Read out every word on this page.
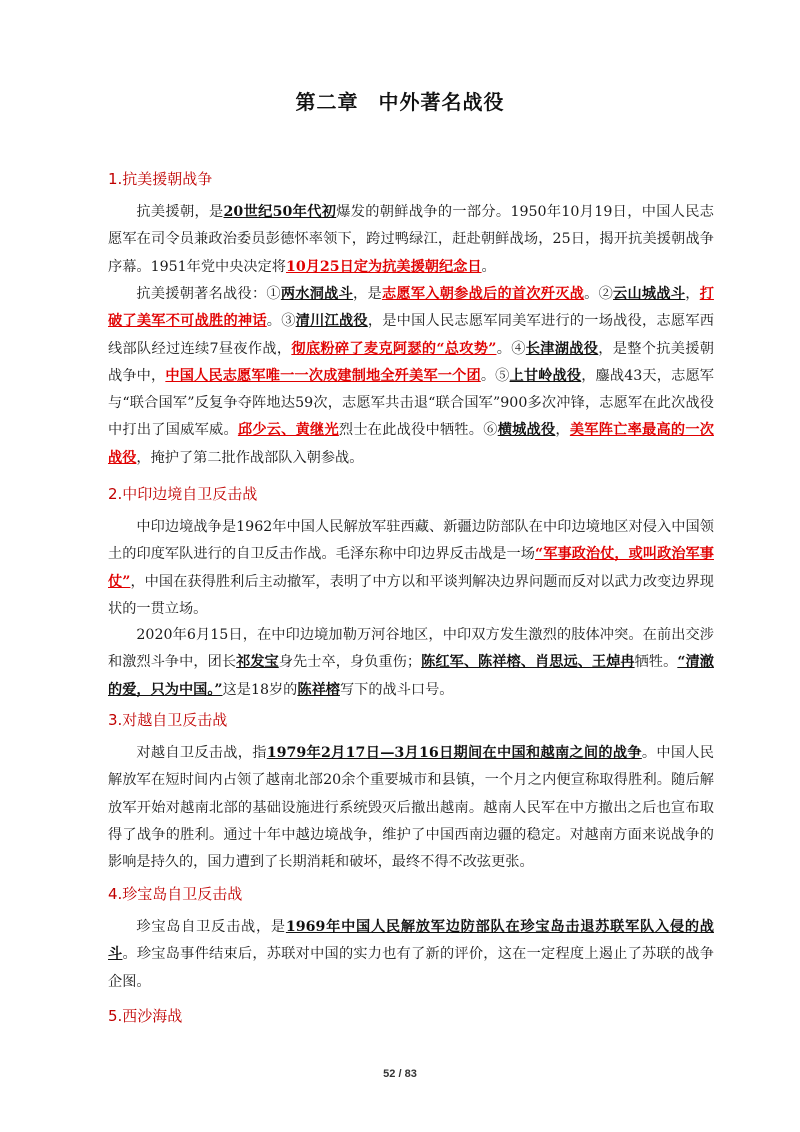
第二章 中外著名战役
1.抗美援朝战争

抗美援朝，是20世纪50年代初爆发的朝鲜战争的一部分。1950年10月19日，中国人民志愿军在司令员兼政治委员彭德怀率领下，跨过鸭绿江，赶赴朝鲜战场，25日，揭开抗美援朝战争序幕。1951年党中央决定将10月25日定为抗美援朝纪念日。

抗美援朝著名战役：①两水洞战斗，是志愿军入朝参战后的首次歼灭战。②云山城战斗，打破了美军不可战胜的神话。③清川江战役，是中国人民志愿军同美军进行的一场战役，志愿军西线部队经过连续7昼夜作战，彻底粉碎了麦克阿瑟的“总攻势”。④长津湖战役，是整个抗美援朝战争中，中国人民志愿军唯一一次成建制地全歼美军一个团。⑤上甘岭战役，鏖战43天，志愿军与“联合国军”反复争夺阵地达59次，志愿军共击退“联合国军”900多次冲锋，志愿军在此次战役中打出了国威军威。邱少云、黄继光烈士在此战役中牺牲。⑥横城战役，美军阵亡率最高的一次战役，掩护了第二批作战部队入朝参战。

2.中印边境自卫反击战

中印边境战争是1962年中国人民解放军驻西藏、新疆边防部队在中印边境地区对侵入中国领土的印度军队进行的自卫反击作战。毛泽东称中印边界反击战是一场“军事政治仗，或叫政治军事仗”，中国在获得胜利后主动撤军，表明了中方以和平谈判解决边界问题而反对以武力改变边界现状的一贯立场。

2020年6月15日，在中印边境加勒万河谷地区，中印双方发生激烈的肢体冲突。在前出交涉和激烈斗争中，团长祁发宝身先士卒，身负重伤；陈红军、陈祥榕、肖思远、王焯冉牺牲。“清澈的爱，只为中国。”这是18岁的陈祥榕写下的战斗口号。

3.对越自卫反击战

对越自卫反击战，指1979年2月17日—3月16日期间在中国和越南之间的战争。中国人民解放军在短时间内占领了越南北部20余个重要城市和县镇，一个月之内便宣称取得胜利。随后解放军开始对越南北部的基础设施进行系统毁灭后撤出越南。越南人民军在中方撤出之后也宣布取得了战争的胜利。通过十年中越边境战争，维护了中国西南边疆的稳定。对越南方面来说战争的影响是持久的，国力遭到了长期消耗和破坏，最终不得不改弦更张。

4.珍宝岛自卫反击战

珍宝岛自卫反击战，是1969年中国人民解放军边防部队在珍宝岛击退苏联军队入侵的战斗。珍宝岛事件结束后，苏联对中国的实力也有了新的评价，这在一定程度上遏止了苏联的战争企图。

5.西沙海战
52 / 83
